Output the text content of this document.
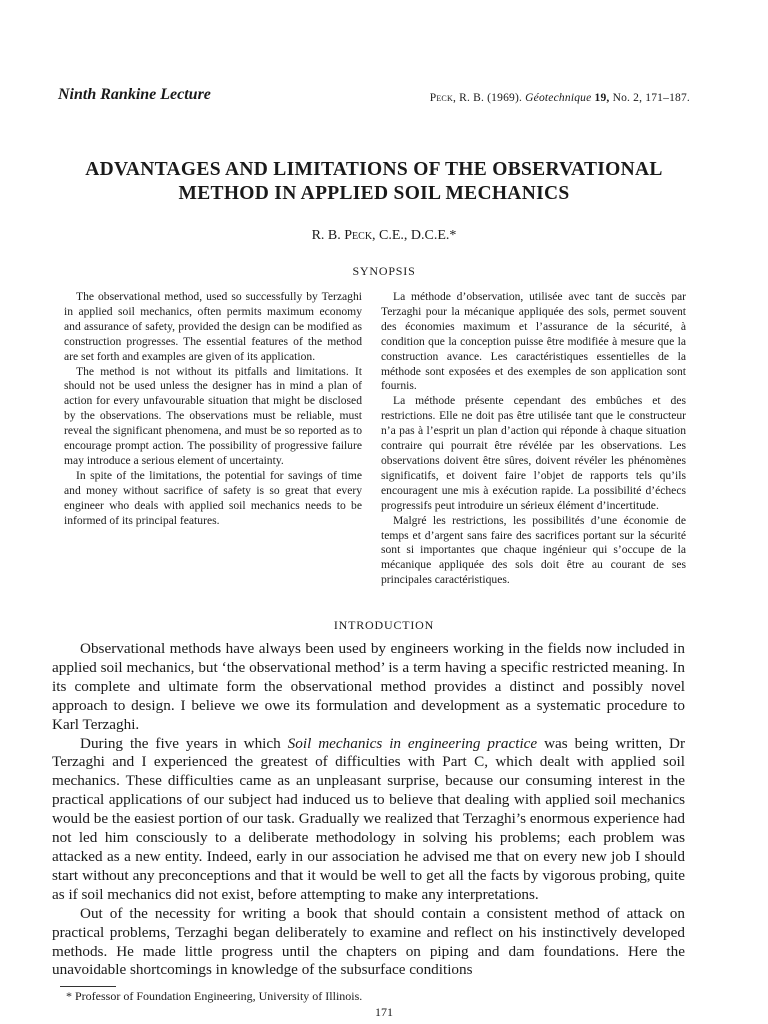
Ninth Rankine Lecture	Peck, R. B. (1969). Géotechnique 19, No. 2, 171–187.
ADVANTAGES AND LIMITATIONS OF THE OBSERVATIONAL
METHOD IN APPLIED SOIL MECHANICS
R. B. Peck, C.E., D.C.E.*
SYNOPSIS

The observational method, used so successfully by Terzaghi in applied soil mechanics, often permits maximum economy and assurance of safety, provided the design can be modified as construction progresses. The essential features of the method are set forth and examples are given of its application.

The method is not without its pitfalls and limitations. It should not be used unless the designer has in mind a plan of action for every unfavourable situation that might be disclosed by the observations. The observations must be reliable, must reveal the significant phenomena, and must be so reported as to encourage prompt action. The possibility of progressive failure may introduce a serious element of uncertainty.

In spite of the limitations, the potential for savings of time and money without sacrifice of safety is so great that every engineer who deals with applied soil mechanics needs to be informed of its principal features.

La méthode d’observation, utilisée avec tant de succès par Terzaghi pour la mécanique appliquée des sols, permet souvent des économies maximum et l’assurance de la sécurité, à condition que la conception puisse être modifiée à mesure que la construction avance. Les caractéristiques essentielles de la méthode sont exposées et des exemples de son application sont fournis.

La méthode présente cependant des embûches et des restrictions. Elle ne doit pas être utilisée tant que le constructeur n’a pas à l’esprit un plan d’action qui réponde à chaque situation contraire qui pourrait être révélée par les observations. Les observations doivent être sûres, doivent révéler les phénomènes significatifs, et doivent faire l’objet de rapports tels qu’ils encouragent une mis à exécution rapide. La possibilité d’échecs progressifs peut introduire un sérieux élément d’incertitude.

Malgré les restrictions, les possibilités d’une économie de temps et d’argent sans faire des sacrifices portant sur la sécurité sont si importantes que chaque ingénieur qui s’occupe de la mécanique appliquée des sols doit être au courant de ses principales caractéristiques.

INTRODUCTION

Observational methods have always been used by engineers working in the fields now included in applied soil mechanics, but ‘the observational method’ is a term having a specific restricted meaning. In its complete and ultimate form the observational method provides a distinct and possibly novel approach to design. I believe we owe its formulation and development as a systematic procedure to Karl Terzaghi.

During the five years in which Soil mechanics in engineering practice was being written, Dr Terzaghi and I experienced the greatest of difficulties with Part C, which dealt with applied soil mechanics. These difficulties came as an unpleasant surprise, because our consuming interest in the practical applications of our subject had induced us to believe that dealing with applied soil mechanics would be the easiest portion of our task. Gradually we realized that Terzaghi’s enormous experience had not led him consciously to a deliberate methodology in solving his problems; each problem was attacked as a new entity. Indeed, early in our association he advised me that on every new job I should start without any preconceptions and that it would be well to get all the facts by vigorous probing, quite as if soil mechanics did not exist, before attempting to make any interpretations.

Out of the necessity for writing a book that should contain a consistent method of attack on practical problems, Terzaghi began deliberately to examine and reflect on his instinctively developed methods. He made little progress until the chapters on piping and dam foundations. Here the unavoidable shortcomings in knowledge of the subsurface conditions

* Professor of Foundation Engineering, University of Illinois.
171
